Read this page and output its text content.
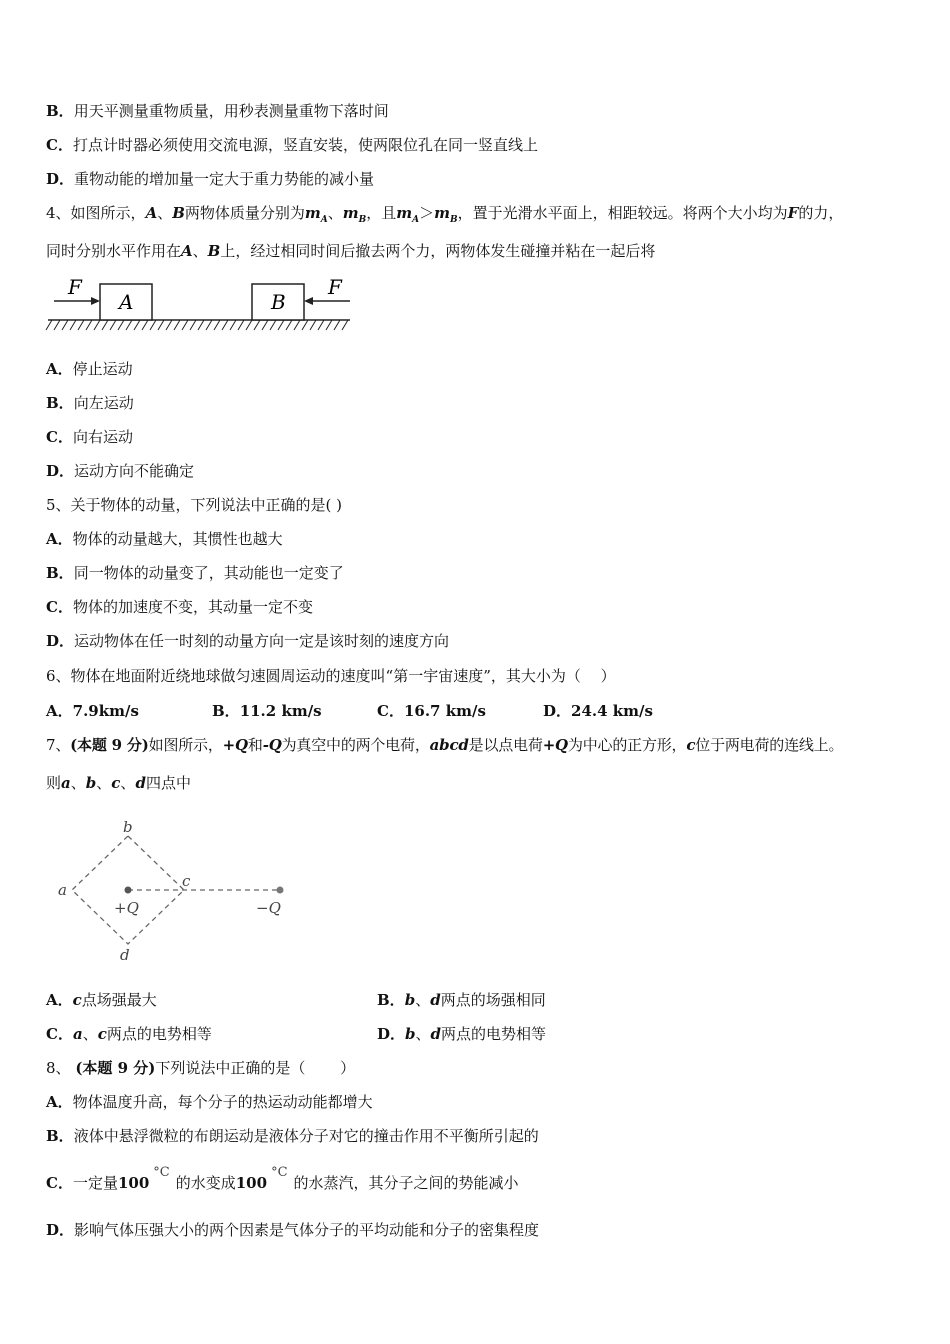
B．用天平测量重物质量，用秒表测量重物下落时间
C．打点计时器必须使用交流电源，竖直安装，使两限位孔在同一竖直线上
D．重物动能的增加量一定大于重力势能的减小量
4、如图所示，A、B两物体质量分别为$m_A$、$m_B$，且$m_A>m_B$，置于光滑水平面上，相距较远。将两个大小均为F的力，
同时分别水平作用在A、B上，经过相同时间后撤去两个力，两物体发生碰撞并粘在一起后将
F
A	B
F
A．停止运动
B．向左运动
C．向右运动
D．运动方向不能确定
5、关于物体的动量，下列说法中正确的是( )
A．物体的动量越大，其惯性也越大
B．同一物体的动量变了，其动能也一定变了
C．物体的加速度不变，其动量一定不变
D．运动物体在任一时刻的动量方向一定是该时刻的速度方向
6、物体在地面附近绕地球做匀速圆周运动的速度叫“第一宇宙速度”，其大小为（　 ）
A．7.9km/s	B．11.2 km/s	C．16.7 km/s	D．24.4 km/s
7、(本题 9 分)如图所示，+Q和-Q为真空中的两个电荷，abcd是以点电荷+Q为中心的正方形，c位于两电荷的连线上。
则a、b、c、d四点中
a
b
c
d
+Q	−Q
A．c点场强最大	B．b、d两点的场强相同
C．a、c两点的电势相等	D．b、d两点的电势相等
8、 (本题 9 分)下列说法中正确的是（　　 ）
A．物体温度升高，每个分子的热运动动能都增大
B．液体中悬浮微粒的布朗运动是液体分子对它的撞击作用不平衡所引起的
C．一定量100°C的水变成100°C的水蒸汽，其分子之间的势能减小
D．影响气体压强大小的两个因素是气体分子的平均动能和分子的密集程度
